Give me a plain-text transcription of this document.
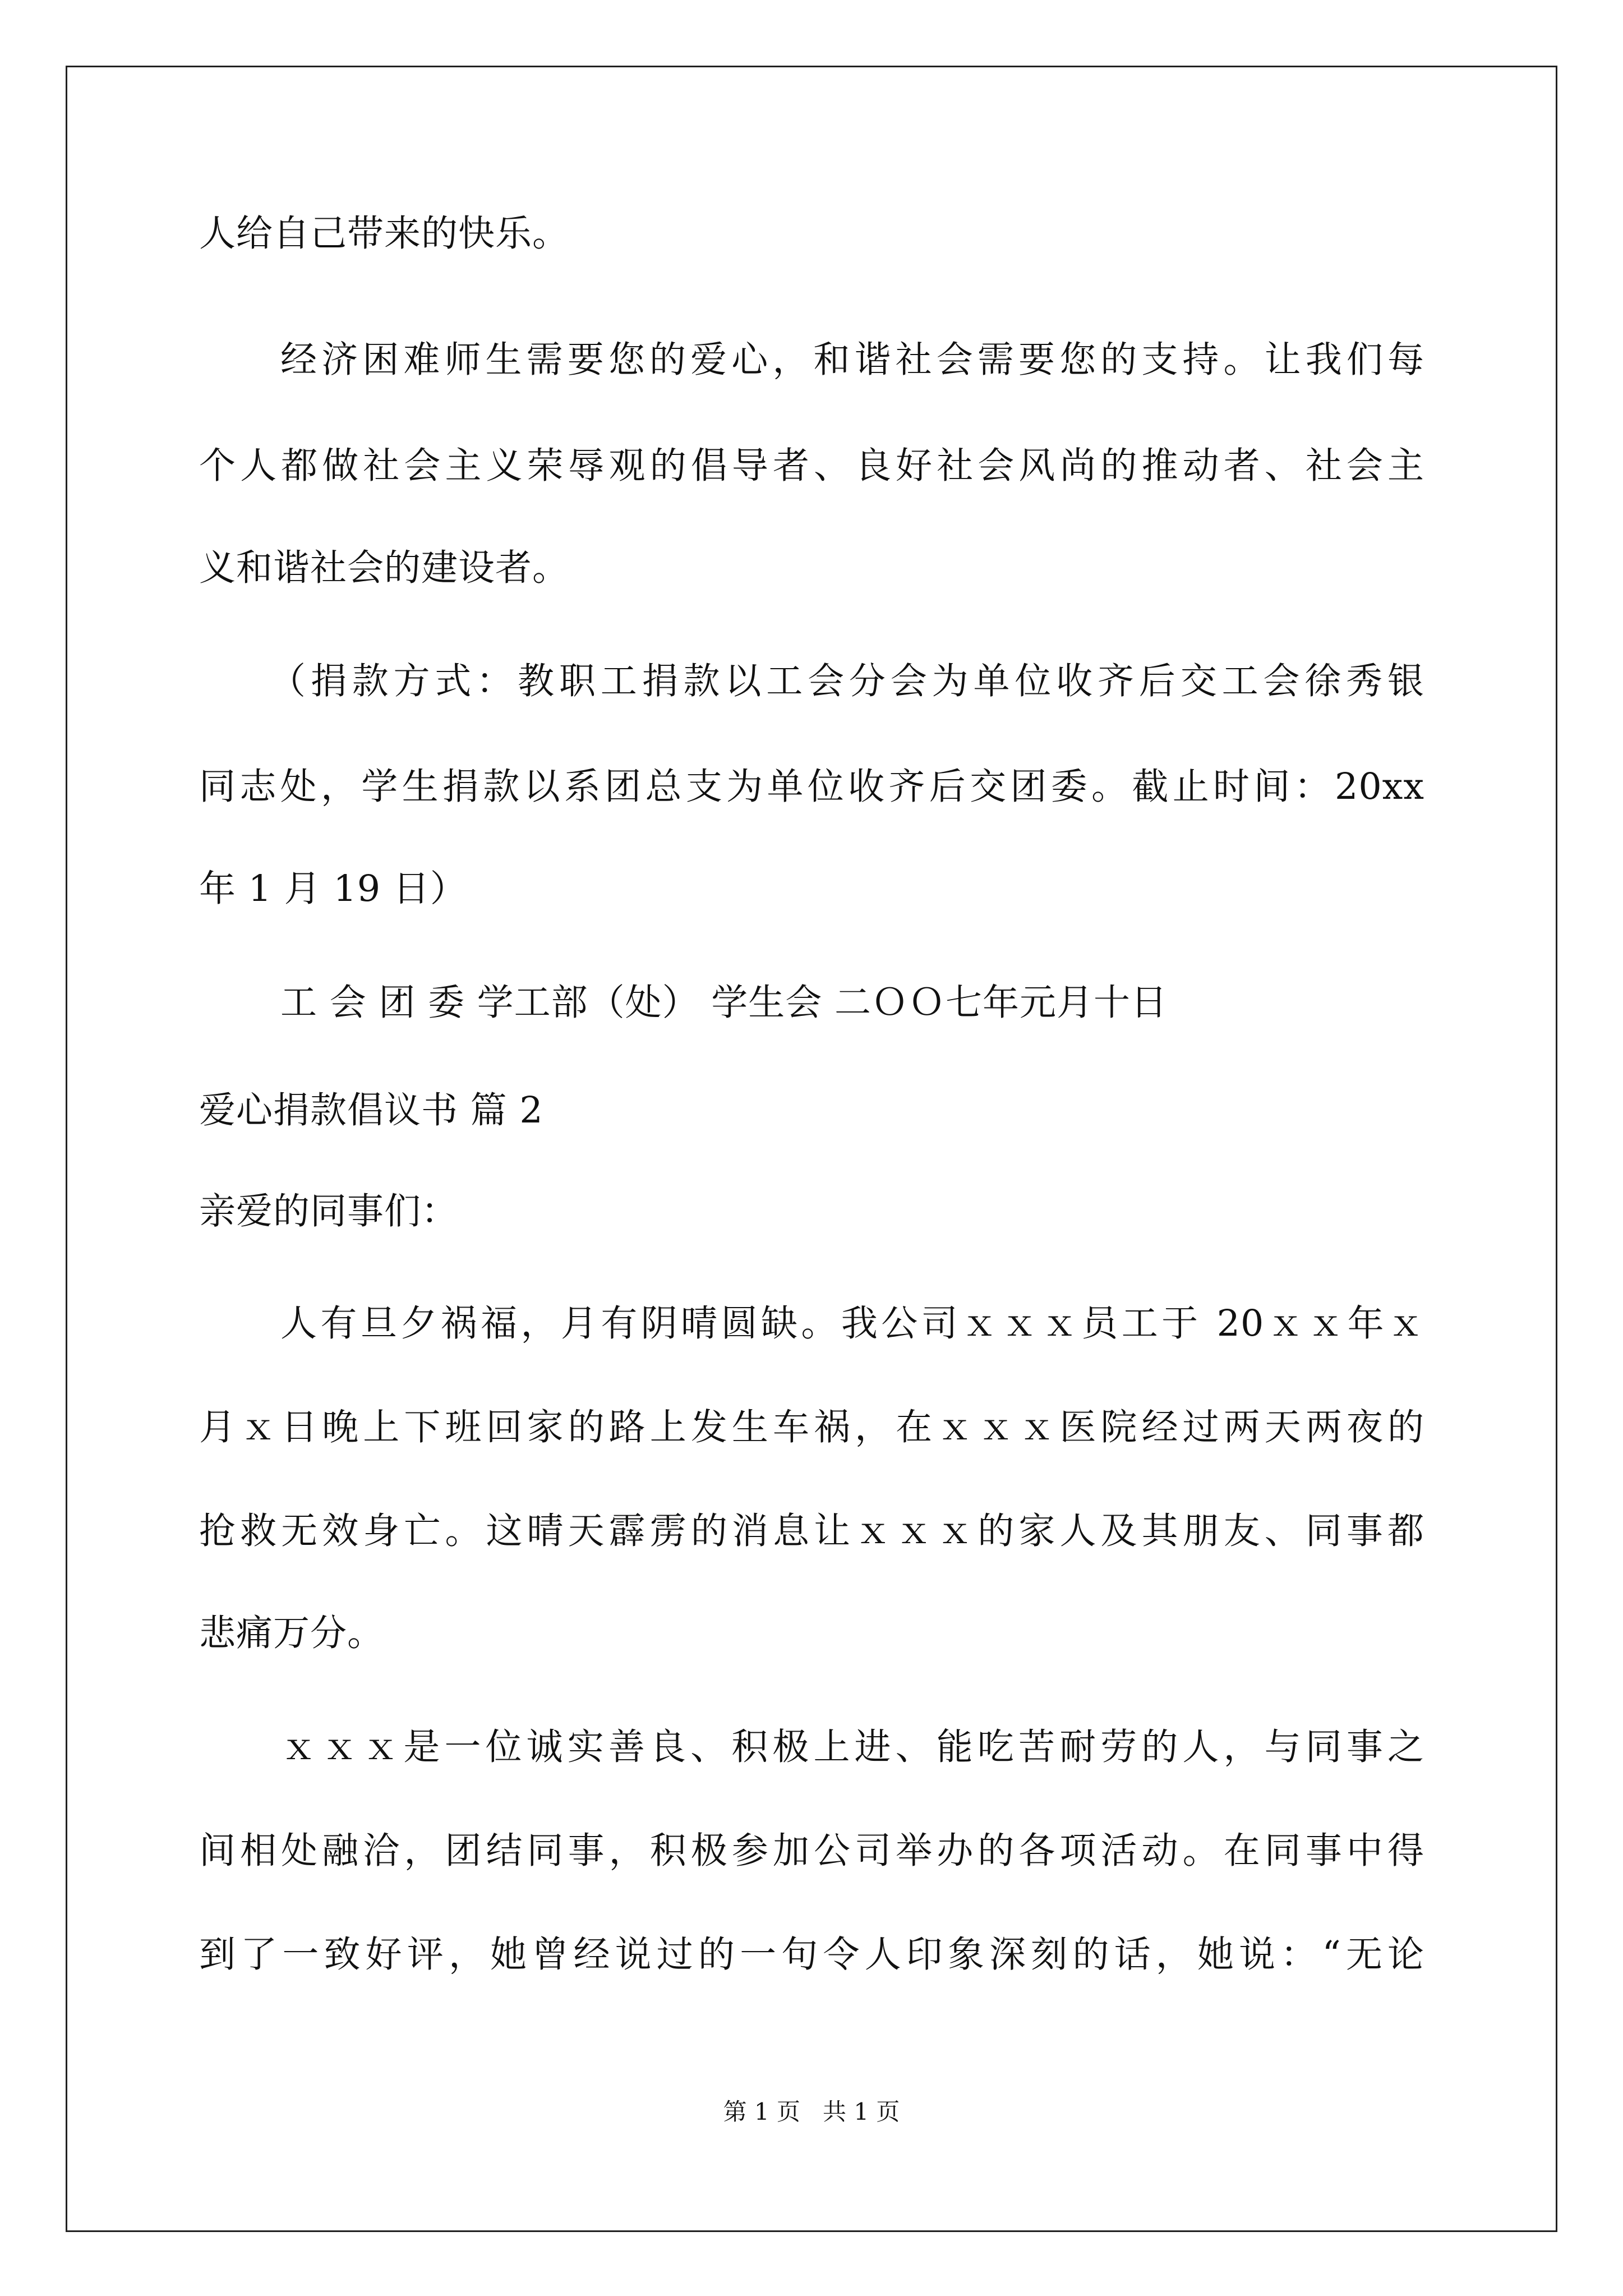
人给自己带来的快乐。
经济困难师生需要您的爱心，和谐社会需要您的支持。让我们每
个人都做社会主义荣辱观的倡导者、良好社会风尚的推动者、社会主
义和谐社会的建设者。
（捐款方式：教职工捐款以工会分会为单位收齐后交工会徐秀银
同志处，学生捐款以系团总支为单位收齐后交团委。截止时间：20xx
年 1 月 19 日）
工 会 团 委 学工部（处） 学生会 二ＯＯ七年元月十日
爱心捐款倡议书 篇 2
亲爱的同事们：
人有旦夕祸福，月有阴晴圆缺。我公司ｘｘｘ员工于 20ｘｘ年ｘ
月ｘ日晚上下班回家的路上发生车祸，在ｘｘｘ医院经过两天两夜的
抢救无效身亡。这晴天霹雳的消息让ｘｘｘ的家人及其朋友、同事都
悲痛万分。
ｘｘｘ是一位诚实善良、积极上进、能吃苦耐劳的人，与同事之
间相处融洽，团结同事，积极参加公司举办的各项活动。在同事中得
到了一致好评，她曾经说过的一句令人印象深刻的话，她说：“无论
第 1 页 共 1 页
